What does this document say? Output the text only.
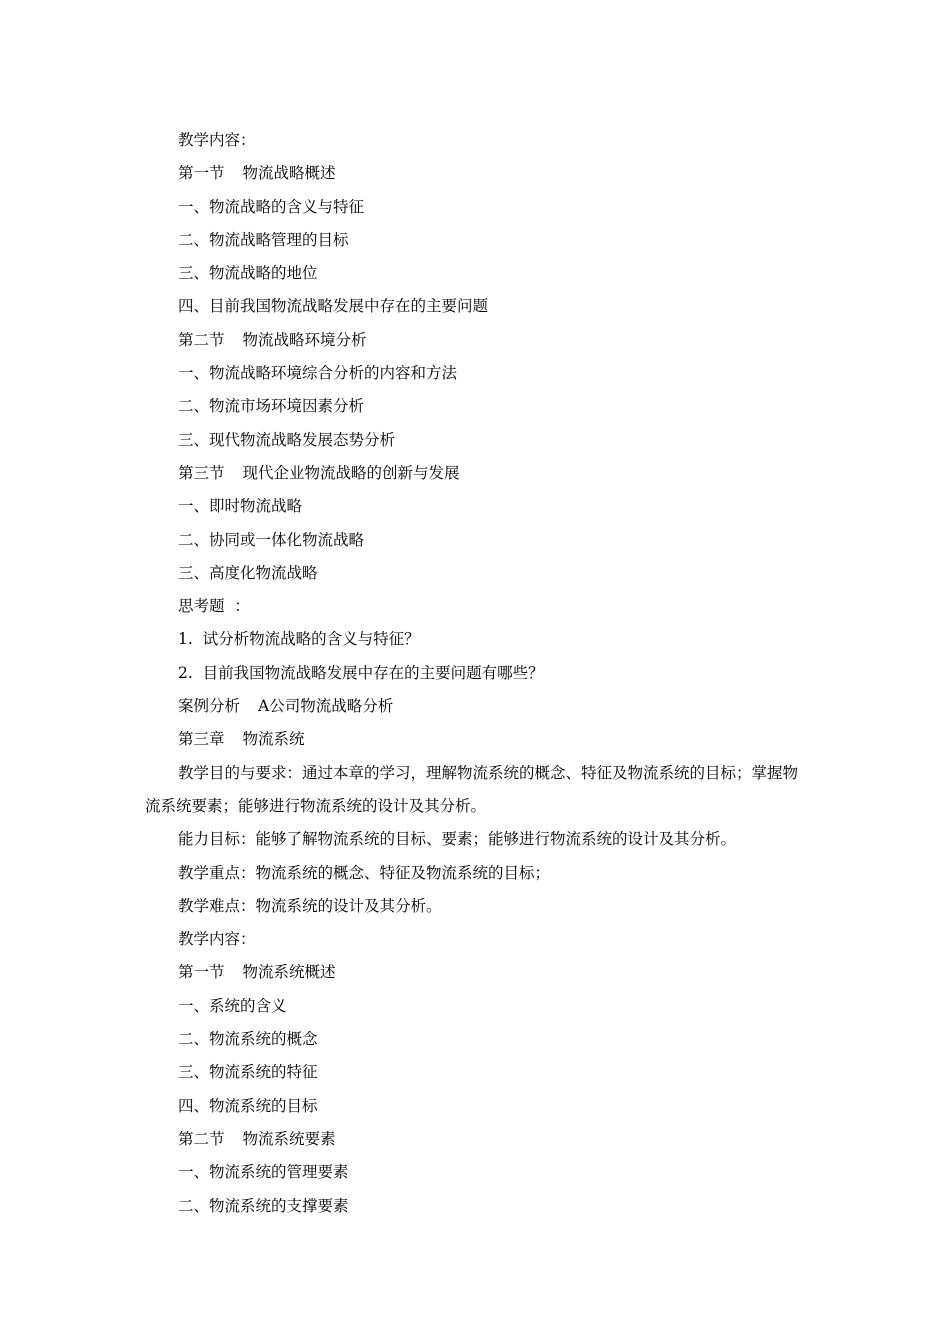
教学内容：
第一节 物流战略概述
一、物流战略的含义与特征
二、物流战略管理的目标
三、物流战略的地位
四、目前我国物流战略发展中存在的主要问题
第二节 物流战略环境分析
一、物流战略环境综合分析的内容和方法
二、物流市场环境因素分析
三、现代物流战略发展态势分析
第三节 现代企业物流战略的创新与发展
一、即时物流战略
二、协同或一体化物流战略
三、高度化物流战略
思考题  ：
1.  试分析物流战略的含义与特征？
2.  目前我国物流战略发展中存在的主要问题有哪些？
案例分析 A公司物流战略分析
第三章 物流系统
教学目的与要求：通过本章的学习，理解物流系统的概念、特征及物流系统的目标；掌握物流系统要素；能够进行物流系统的设计及其分析。
能力目标：能够了解物流系统的目标、要素；能够进行物流系统的设计及其分析。
教学重点：物流系统的概念、特征及物流系统的目标；
教学难点：物流系统的设计及其分析。
教学内容：
第一节 物流系统概述
一、系统的含义
二、物流系统的概念
三、物流系统的特征
四、物流系统的目标
第二节 物流系统要素
一、物流系统的管理要素
二、物流系统的支撑要素
